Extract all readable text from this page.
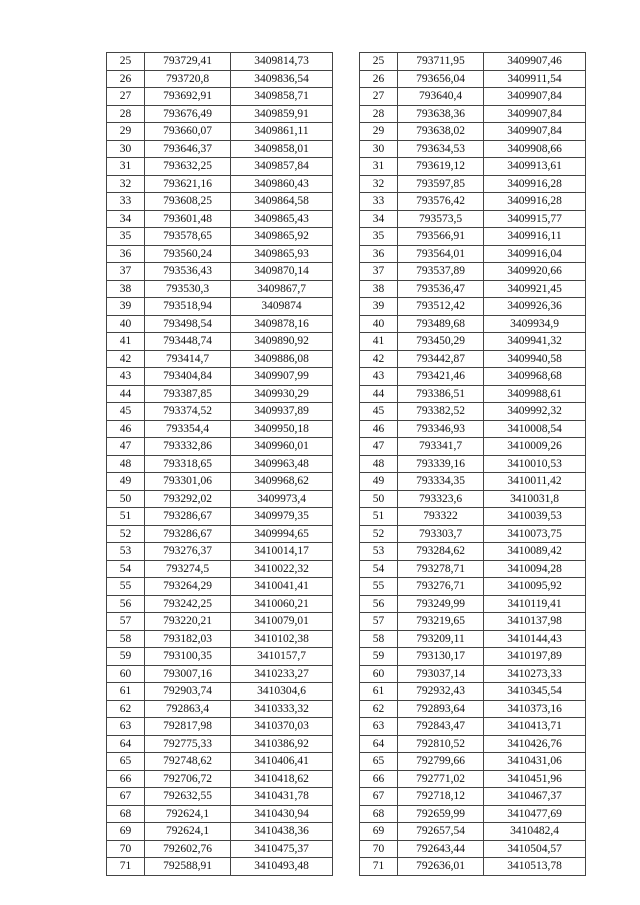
25	793729,41	3409814,73
26	793720,8	3409836,54
27	793692,91	3409858,71
28	793676,49	3409859,91
29	793660,07	3409861,11
30	793646,37	3409858,01
31	793632,25	3409857,84
32	793621,16	3409860,43
33	793608,25	3409864,58
34	793601,48	3409865,43
35	793578,65	3409865,92
36	793560,24	3409865,93
37	793536,43	3409870,14
38	793530,3	3409867,7
39	793518,94	3409874
40	793498,54	3409878,16
41	793448,74	3409890,92
42	793414,7	3409886,08
43	793404,84	3409907,99
44	793387,85	3409930,29
45	793374,52	3409937,89
46	793354,4	3409950,18
47	793332,86	3409960,01
48	793318,65	3409963,48
49	793301,06	3409968,62
50	793292,02	3409973,4
51	793286,67	3409979,35
52	793286,67	3409994,65
53	793276,37	3410014,17
54	793274,5	3410022,32
55	793264,29	3410041,41
56	793242,25	3410060,21
57	793220,21	3410079,01
58	793182,03	3410102,38
59	793100,35	3410157,7
60	793007,16	3410233,27
61	792903,74	3410304,6
62	792863,4	3410333,32
63	792817,98	3410370,03
64	792775,33	3410386,92
65	792748,62	3410406,41
66	792706,72	3410418,62
67	792632,55	3410431,78
68	792624,1	3410430,94
69	792624,1	3410438,36
70	792602,76	3410475,37
71	792588,91	3410493,48
25	793711,95	3409907,46
26	793656,04	3409911,54
27	793640,4	3409907,84
28	793638,36	3409907,84
29	793638,02	3409907,84
30	793634,53	3409908,66
31	793619,12	3409913,61
32	793597,85	3409916,28
33	793576,42	3409916,28
34	793573,5	3409915,77
35	793566,91	3409916,11
36	793564,01	3409916,04
37	793537,89	3409920,66
38	793536,47	3409921,45
39	793512,42	3409926,36
40	793489,68	3409934,9
41	793450,29	3409941,32
42	793442,87	3409940,58
43	793421,46	3409968,68
44	793386,51	3409988,61
45	793382,52	3409992,32
46	793346,93	3410008,54
47	793341,7	3410009,26
48	793339,16	3410010,53
49	793334,35	3410011,42
50	793323,6	3410031,8
51	793322	3410039,53
52	793303,7	3410073,75
53	793284,62	3410089,42
54	793278,71	3410094,28
55	793276,71	3410095,92
56	793249,99	3410119,41
57	793219,65	3410137,98
58	793209,11	3410144,43
59	793130,17	3410197,89
60	793037,14	3410273,33
61	792932,43	3410345,54
62	792893,64	3410373,16
63	792843,47	3410413,71
64	792810,52	3410426,76
65	792799,66	3410431,06
66	792771,02	3410451,96
67	792718,12	3410467,37
68	792659,99	3410477,69
69	792657,54	3410482,4
70	792643,44	3410504,57
71	792636,01	3410513,78
